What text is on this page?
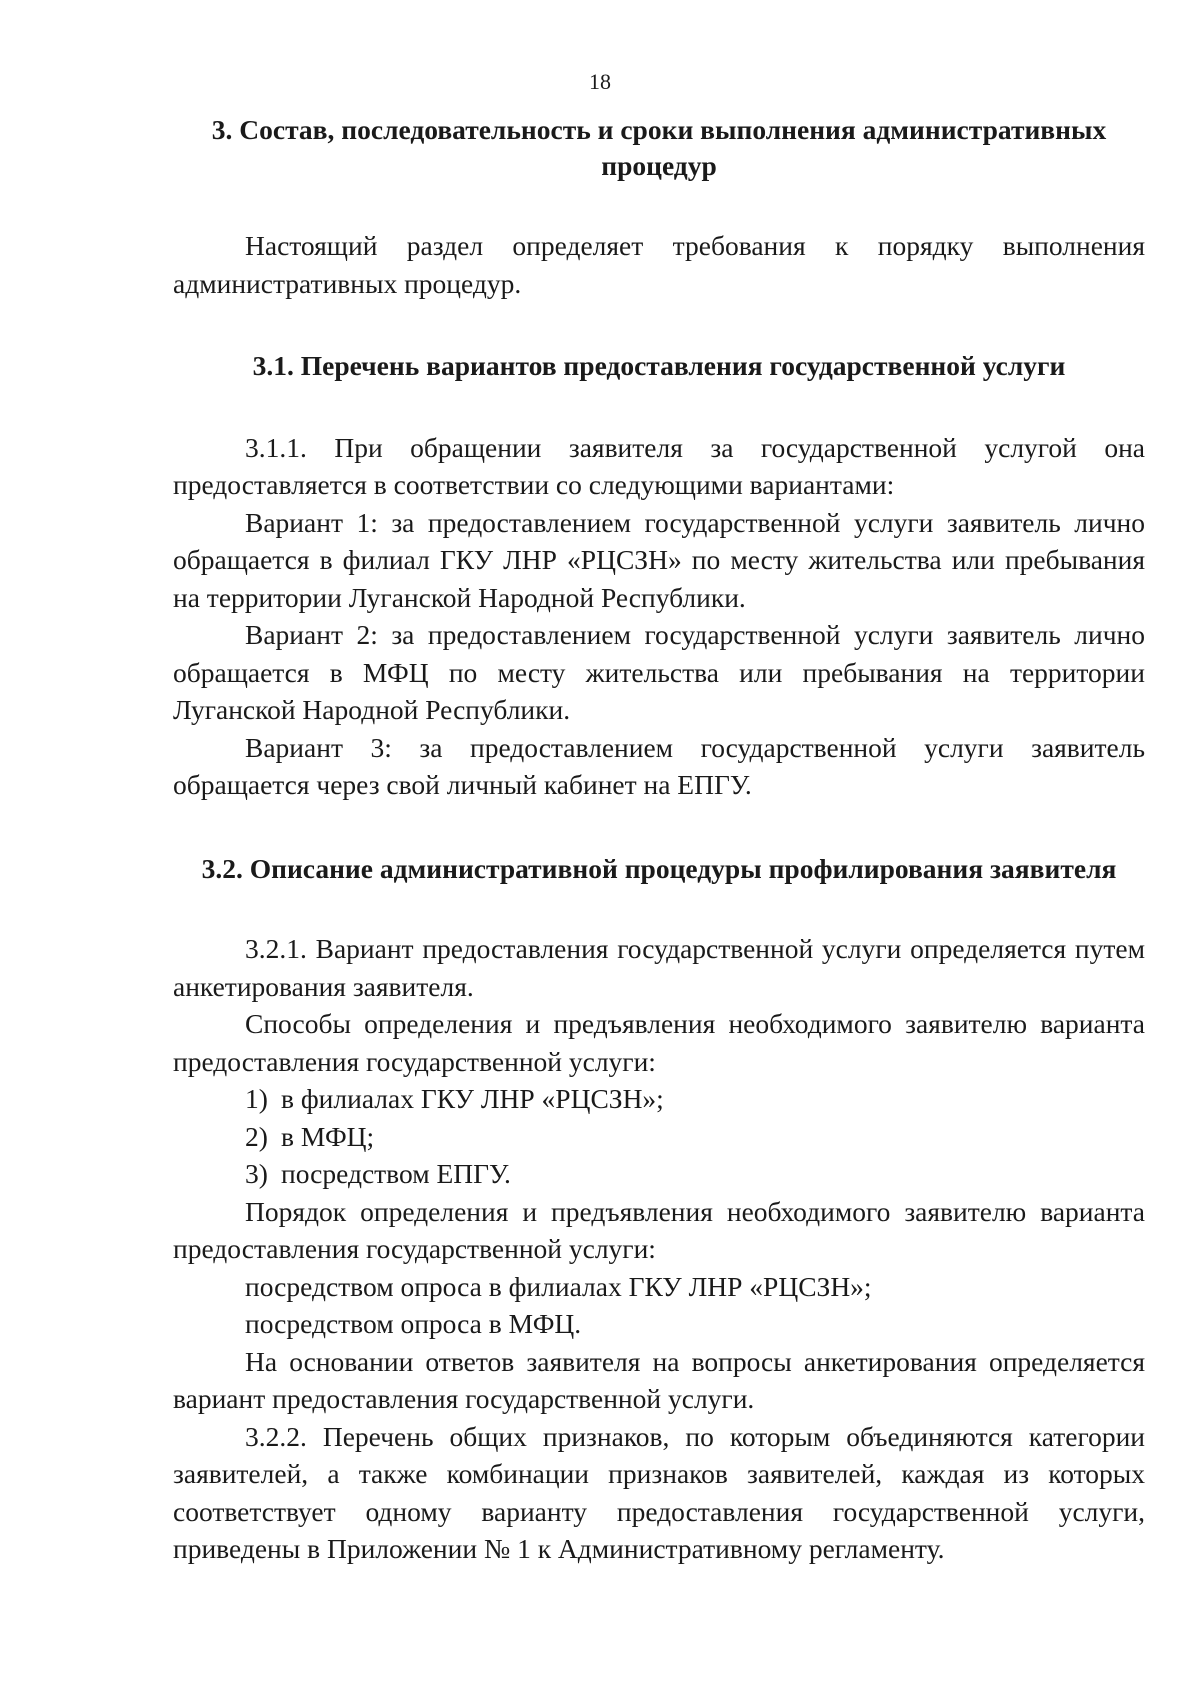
18
3. Состав, последовательность и сроки выполнения административных процедур

Настоящий раздел определяет требования к порядку выполнения административных процедур.

3.1. Перечень вариантов предоставления государственной услуги

3.1.1. При обращении заявителя за государственной услугой она предоставляется в соответствии со следующими вариантами:

Вариант 1: за предоставлением государственной услуги заявитель лично обращается в филиал ГКУ ЛНР «РЦСЗН» по месту жительства или пребывания на территории Луганской Народной Республики.

Вариант 2: за предоставлением государственной услуги заявитель лично обращается в МФЦ по месту жительства или пребывания на территории Луганской Народной Республики.

Вариант 3: за предоставлением государственной услуги заявитель обращается через свой личный кабинет на ЕПГУ.

3.2. Описание административной процедуры профилирования заявителя

3.2.1. Вариант предоставления государственной услуги определяется путем анкетирования заявителя.

Способы определения и предъявления необходимого заявителю варианта предоставления государственной услуги:

1) в филиалах ГКУ ЛНР «РЦСЗН»;
2) в МФЦ;
3) посредством ЕПГУ.

Порядок определения и предъявления необходимого заявителю варианта предоставления государственной услуги:

посредством опроса в филиалах ГКУ ЛНР «РЦСЗН»;

посредством опроса в МФЦ.

На основании ответов заявителя на вопросы анкетирования определяется вариант предоставления государственной услуги.

3.2.2. Перечень общих признаков, по которым объединяются категории заявителей, а также комбинации признаков заявителей, каждая из которых соответствует одному варианту предоставления государственной услуги, приведены в Приложении № 1 к Административному регламенту.
